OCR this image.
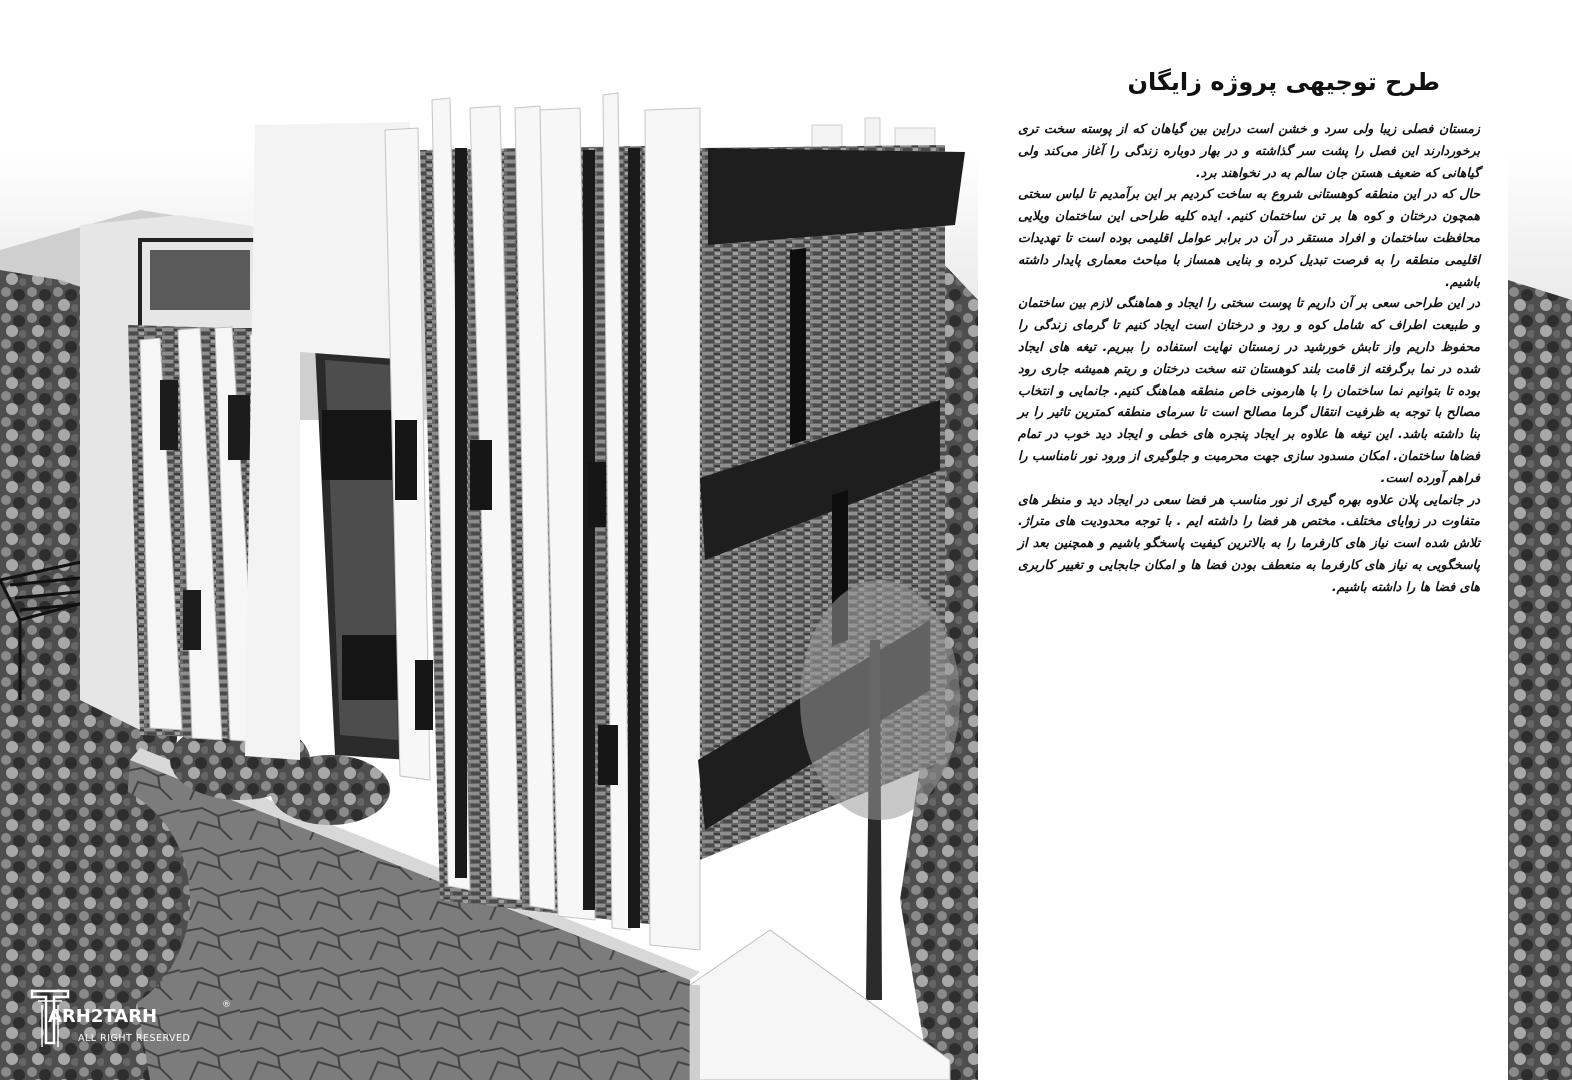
طرح توجیهی پروژه زایگان

زمستان فصلی زیبا ولی سرد و خشن است دراین بین گیاهان که از پوسته سخت تری برخوردارند این فصل را پشت سر گذاشته و در بهار دوباره زندگی را آغاز می‌کند ولی گیاهانی که ضعیف هستن جان سالم به در نخواهند برد.

حال که در این منطقه کوهستانی شروع به ساخت کردیم بر این برآمدیم تا لباس سختی همچون درختان و کوه ها بر تن ساختمان کنیم. ایده کلیه طراحی این ساختمان ویلایی محافظت ساختمان و افراد مستقر در آن در برابر عوامل اقلیمی بوده است تا تهدیدات اقلیمی منطقه را به فرصت تبدیل کرده و بنایی همساز با مباحث معماری پایدار داشته باشیم.

در این طراحی سعی بر آن داریم تا پوست سختی را ایجاد و هماهنگی لازم بین ساختمان و طبیعت اطراف که شامل کوه و رود و درختان است ایجاد کنیم تا گرمای زندگی را محفوظ داریم واز تابش خورشید در زمستان نهایت استفاده را ببریم. تیغه های ایجاد شده در نما برگرفته از قامت بلند کوهستان تنه سخت درختان و ریتم همیشه جاری رود بوده تا بتوانیم نما ساختمان را با هارمونی خاص منطقه هماهنگ کنیم. جانمایی و انتخاب مصالح با توجه به ظرفیت انتقال گرما مصالح است تا سرمای منطقه کمترین تاثیر را بر بنا داشته باشد. این تیغه ها علاوه بر ایجاد پنجره های خطی و ایجاد دید خوب در تمام فضاها ساختمان. امکان مسدود سازی جهت محرمیت و جلوگیری از ورود نور نامناسب را فراهم آورده است.

در جانمایی پلان علاوه بهره گیری از نور مناسب هر فضا سعی در ایجاد دید و منظر های متفاوت در زوایای مختلف. مختص هر فضا را داشته ایم . با توجه محدودیت های متراژ. تلاش شده است نیاز های کارفرما را به بالاترین کیفیت پاسخگو باشیم و همچنین بعد از پاسخگویی به نیاز های کارفرما به منعطف بودن فضا ها و امکان جابجایی و تغییر کاربری های فضا ها را داشته باشیم.

®
ARH2TARH
ALL RIGHT RESERVED
